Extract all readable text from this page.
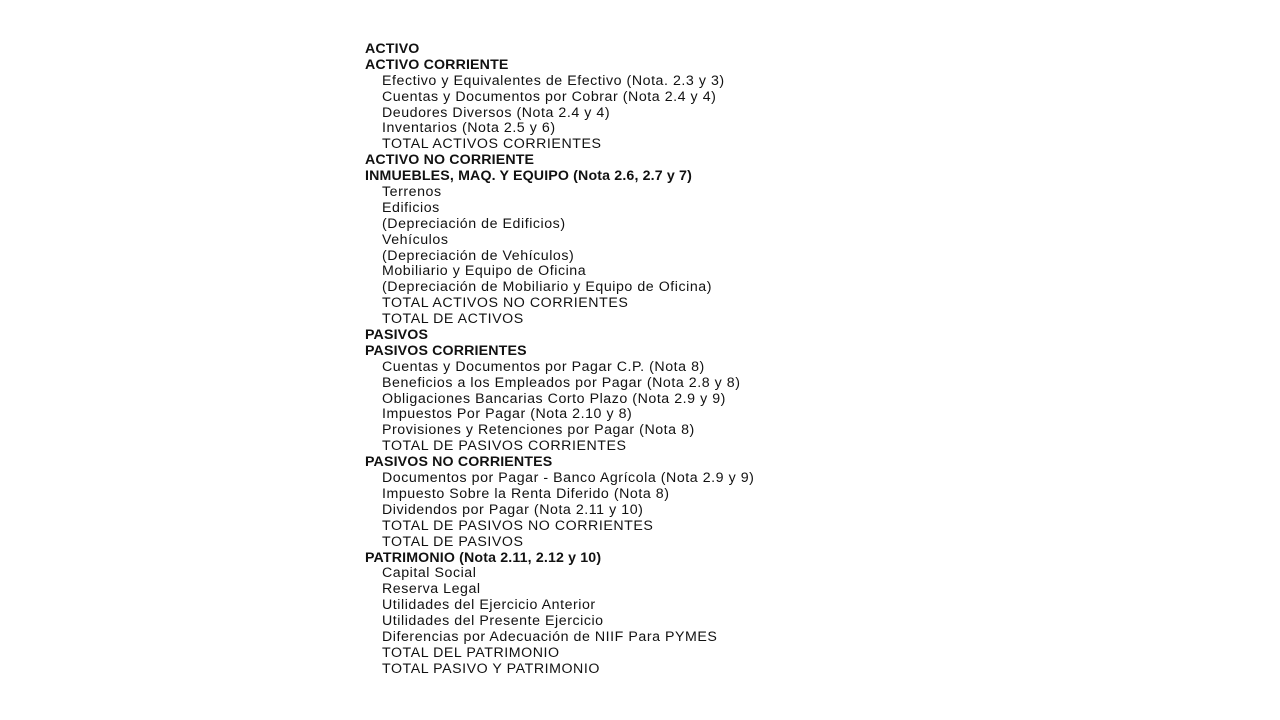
ACTIVO
ACTIVO CORRIENTE
Efectivo y Equivalentes de Efectivo (Nota. 2.3 y 3)
Cuentas y Documentos por Cobrar (Nota 2.4 y 4)
Deudores Diversos (Nota 2.4 y 4)
Inventarios (Nota 2.5 y 6)
TOTAL ACTIVOS CORRIENTES
ACTIVO NO CORRIENTE
INMUEBLES, MAQ. Y EQUIPO (Nota 2.6, 2.7 y 7)
Terrenos
Edificios
(Depreciación de Edificios)
Vehículos
(Depreciación de Vehículos)
Mobiliario y Equipo de Oficina
(Depreciación de Mobiliario y Equipo de Oficina)
TOTAL ACTIVOS NO CORRIENTES
TOTAL DE ACTIVOS
PASIVOS
PASIVOS CORRIENTES
Cuentas y Documentos por Pagar C.P. (Nota 8)
Beneficios a los Empleados por Pagar (Nota 2.8 y 8)
Obligaciones Bancarias Corto Plazo (Nota 2.9 y 9)
Impuestos Por Pagar (Nota 2.10 y 8)
Provisiones y Retenciones por Pagar (Nota 8)
TOTAL DE PASIVOS CORRIENTES
PASIVOS NO CORRIENTES
Documentos por Pagar - Banco Agrícola (Nota 2.9 y 9)
Impuesto Sobre la Renta Diferido (Nota 8)
Dividendos por Pagar (Nota 2.11 y 10)
TOTAL DE PASIVOS NO CORRIENTES
TOTAL DE PASIVOS
PATRIMONIO (Nota 2.11, 2.12 y 10)
Capital Social
Reserva Legal
Utilidades del Ejercicio Anterior
Utilidades del Presente Ejercicio
Diferencias por Adecuación de NIIF Para PYMES
TOTAL DEL PATRIMONIO
TOTAL PASIVO Y PATRIMONIO
